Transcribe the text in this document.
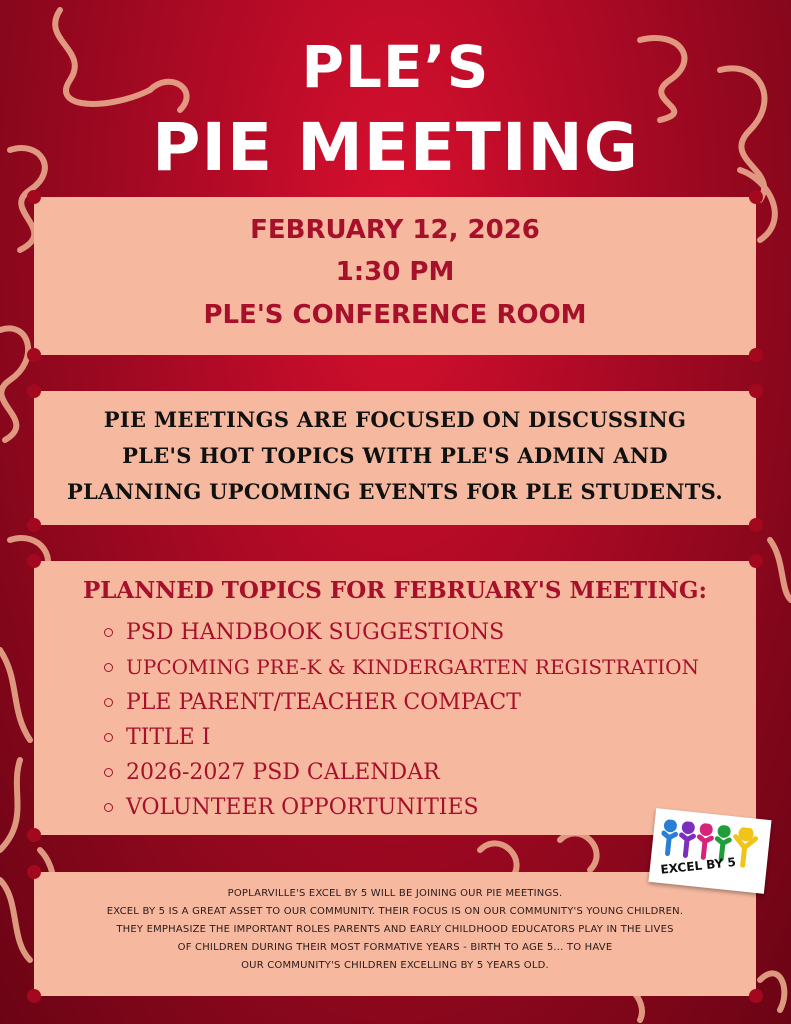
PLE’S
PIE MEETING
FEBRUARY 12, 2026
1:30 PM
PLE'S CONFERENCE ROOM
PIE MEETINGS ARE FOCUSED ON DISCUSSING
PLE'S HOT TOPICS WITH PLE'S ADMIN AND
PLANNING UPCOMING EVENTS FOR PLE STUDENTS.
PLANNED TOPICS FOR FEBRUARY'S MEETING:
PSD HANDBOOK SUGGESTIONS
UPCOMING PRE-K & KINDERGARTEN REGISTRATION
PLE PARENT/TEACHER COMPACT
TITLE I
2026-2027 PSD CALENDAR
VOLUNTEER OPPORTUNITIES
POPLARVILLE'S EXCEL BY 5 WILL BE JOINING OUR PIE MEETINGS.
EXCEL BY 5 IS A GREAT ASSET TO OUR COMMUNITY. THEIR FOCUS IS ON OUR COMMUNITY'S YOUNG CHILDREN.
THEY EMPHASIZE THE IMPORTANT ROLES PARENTS AND EARLY CHILDHOOD EDUCATORS PLAY IN THE LIVES
OF CHILDREN DURING THEIR MOST FORMATIVE YEARS - BIRTH TO AGE 5... TO HAVE
OUR COMMUNITY'S CHILDREN EXCELLING BY 5 YEARS OLD.
EXCEL BY 5
